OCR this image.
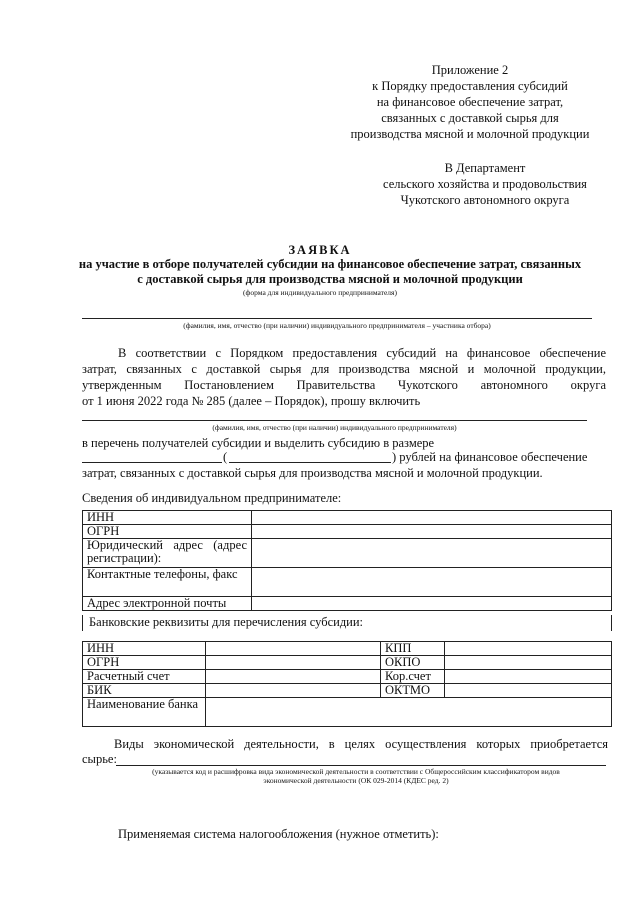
Приложение 2
к Порядку предоставления субсидий
на финансовое обеспечение затрат,
связанных с доставкой сырья для
производства мясной и молочной продукции
В Департамент
сельского хозяйства и продовольствия
Чукотского автономного округа
ЗАЯВКА
на участие в отборе получателей субсидии на финансовое обеспечение затрат, связанных
с доставкой сырья для производства мясной и молочной продукции
(форма для индивидуального предпринимателя)
(фамилия, имя, отчество (при наличии) индивидуального предпринимателя – участника отбора)
В соответствии с Порядком предоставления субсидий на финансовое обеспечение
затрат, связанных с доставкой сырья для производства мясной и молочной продукции,
утвержденным Постановлением Правительства Чукотского автономного округа
от 1 июня 2022 года № 285 (далее – Порядок), прошу включить
(фамилия, имя, отчество (при наличии) индивидуального предпринимателя)
в перечень получателей субсидии и выделить субсидию в размере
(	) рублей на финансовое обеспечение
затрат, связанных с доставкой сырья для производства мясной и молочной продукции.
Сведения об индивидуальном предпринимателе:
ИНН	
ОГРН	
Юридический адрес (адрес регистрации):	
Контактные телефоны, факс	
Адрес электронной почты	
Банковские реквизиты для перечисления субсидии:
ИНН		КПП	
ОГРН		ОКПО	
Расчетный счет		Кор.счет	
БИК		ОКТМО	
Наименование банка			
Виды экономической деятельности, в целях осуществления которых приобретается
сырье:
(указывается код и расшифровка вида экономической деятельности в соответствии с Общероссийским классификатором видов
экономической деятельности (ОК 029-2014 (КДЕС ред. 2)
Применяемая система налогообложения (нужное отметить):
